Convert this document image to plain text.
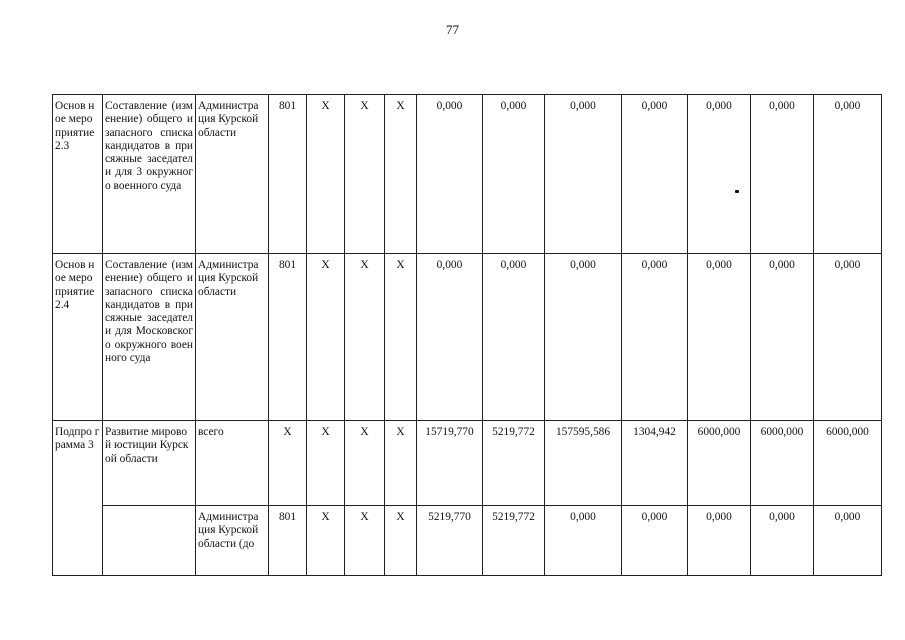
77
Основ ное меро приятие 2.3	Составление (изменение) общего и запасного списка кандидатов в присяжные заседатели для 3 окружного военного суда	Администра ция Курской области	801	X	X	X	0,000	0,000	0,000	0,000	0,000	0,000	0,000
Основ ное меро приятие 2.4	Составление (изменение) общего и запасного списка кандидатов в присяжные заседатели для Московского окружного военного суда	Администра ция Курской области	801	X	X	X	0,000	0,000	0,000	0,000	0,000	0,000	0,000
Подпро грамма 3	Развитие мировой юстиции Курской области	всего	X	X	X	X	15719,770	5219,772	157595,586	1304,942	6000,000	6000,000	6000,000
		Администра ция Курской области (до	801	X	X	X	5219,770	5219,772	0,000	0,000	0,000	0,000	0,000
